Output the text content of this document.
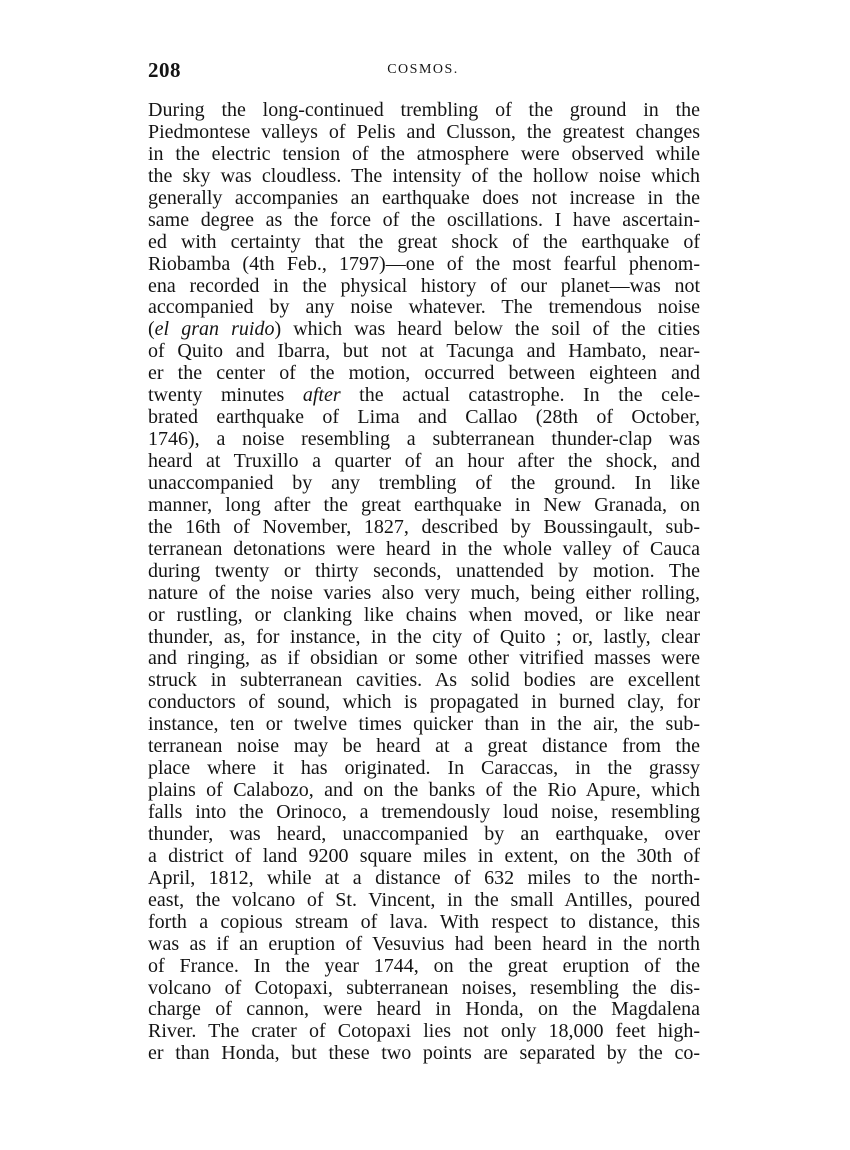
208	COSMOS.
During the long-continued trembling of the ground in the
Piedmontese valleys of Pelis and Clusson, the greatest changes
in the electric tension of the atmosphere were observed while
the sky was cloudless. The intensity of the hollow noise which
generally accompanies an earthquake does not increase in the
same degree as the force of the oscillations. I have ascertain-
ed with certainty that the great shock of the earthquake of
Riobamba (4th Feb., 1797)—one of the most fearful phenom-
ena recorded in the physical history of our planet—was not
accompanied by any noise whatever. The tremendous noise
(el gran ruido) which was heard below the soil of the cities
of Quito and Ibarra, but not at Tacunga and Hambato, near-
er the center of the motion, occurred between eighteen and
twenty minutes after the actual catastrophe. In the cele-
brated earthquake of Lima and Callao (28th of October,
1746), a noise resembling a subterranean thunder-clap was
heard at Truxillo a quarter of an hour after the shock, and
unaccompanied by any trembling of the ground. In like
manner, long after the great earthquake in New Granada, on
the 16th of November, 1827, described by Boussingault, sub-
terranean detonations were heard in the whole valley of Cauca
during twenty or thirty seconds, unattended by motion. The
nature of the noise varies also very much, being either rolling,
or rustling, or clanking like chains when moved, or like near
thunder, as, for instance, in the city of Quito ; or, lastly, clear
and ringing, as if obsidian or some other vitrified masses were
struck in subterranean cavities. As solid bodies are excellent
conductors of sound, which is propagated in burned clay, for
instance, ten or twelve times quicker than in the air, the sub-
terranean noise may be heard at a great distance from the
place where it has originated. In Caraccas, in the grassy
plains of Calabozo, and on the banks of the Rio Apure, which
falls into the Orinoco, a tremendously loud noise, resembling
thunder, was heard, unaccompanied by an earthquake, over
a district of land 9200 square miles in extent, on the 30th of
April, 1812, while at a distance of 632 miles to the north-
east, the volcano of St. Vincent, in the small Antilles, poured
forth a copious stream of lava. With respect to distance, this
was as if an eruption of Vesuvius had been heard in the north
of France. In the year 1744, on the great eruption of the
volcano of Cotopaxi, subterranean noises, resembling the dis-
charge of cannon, were heard in Honda, on the Magdalena
River. The crater of Cotopaxi lies not only 18,000 feet high-
er than Honda, but these two points are separated by the co-
